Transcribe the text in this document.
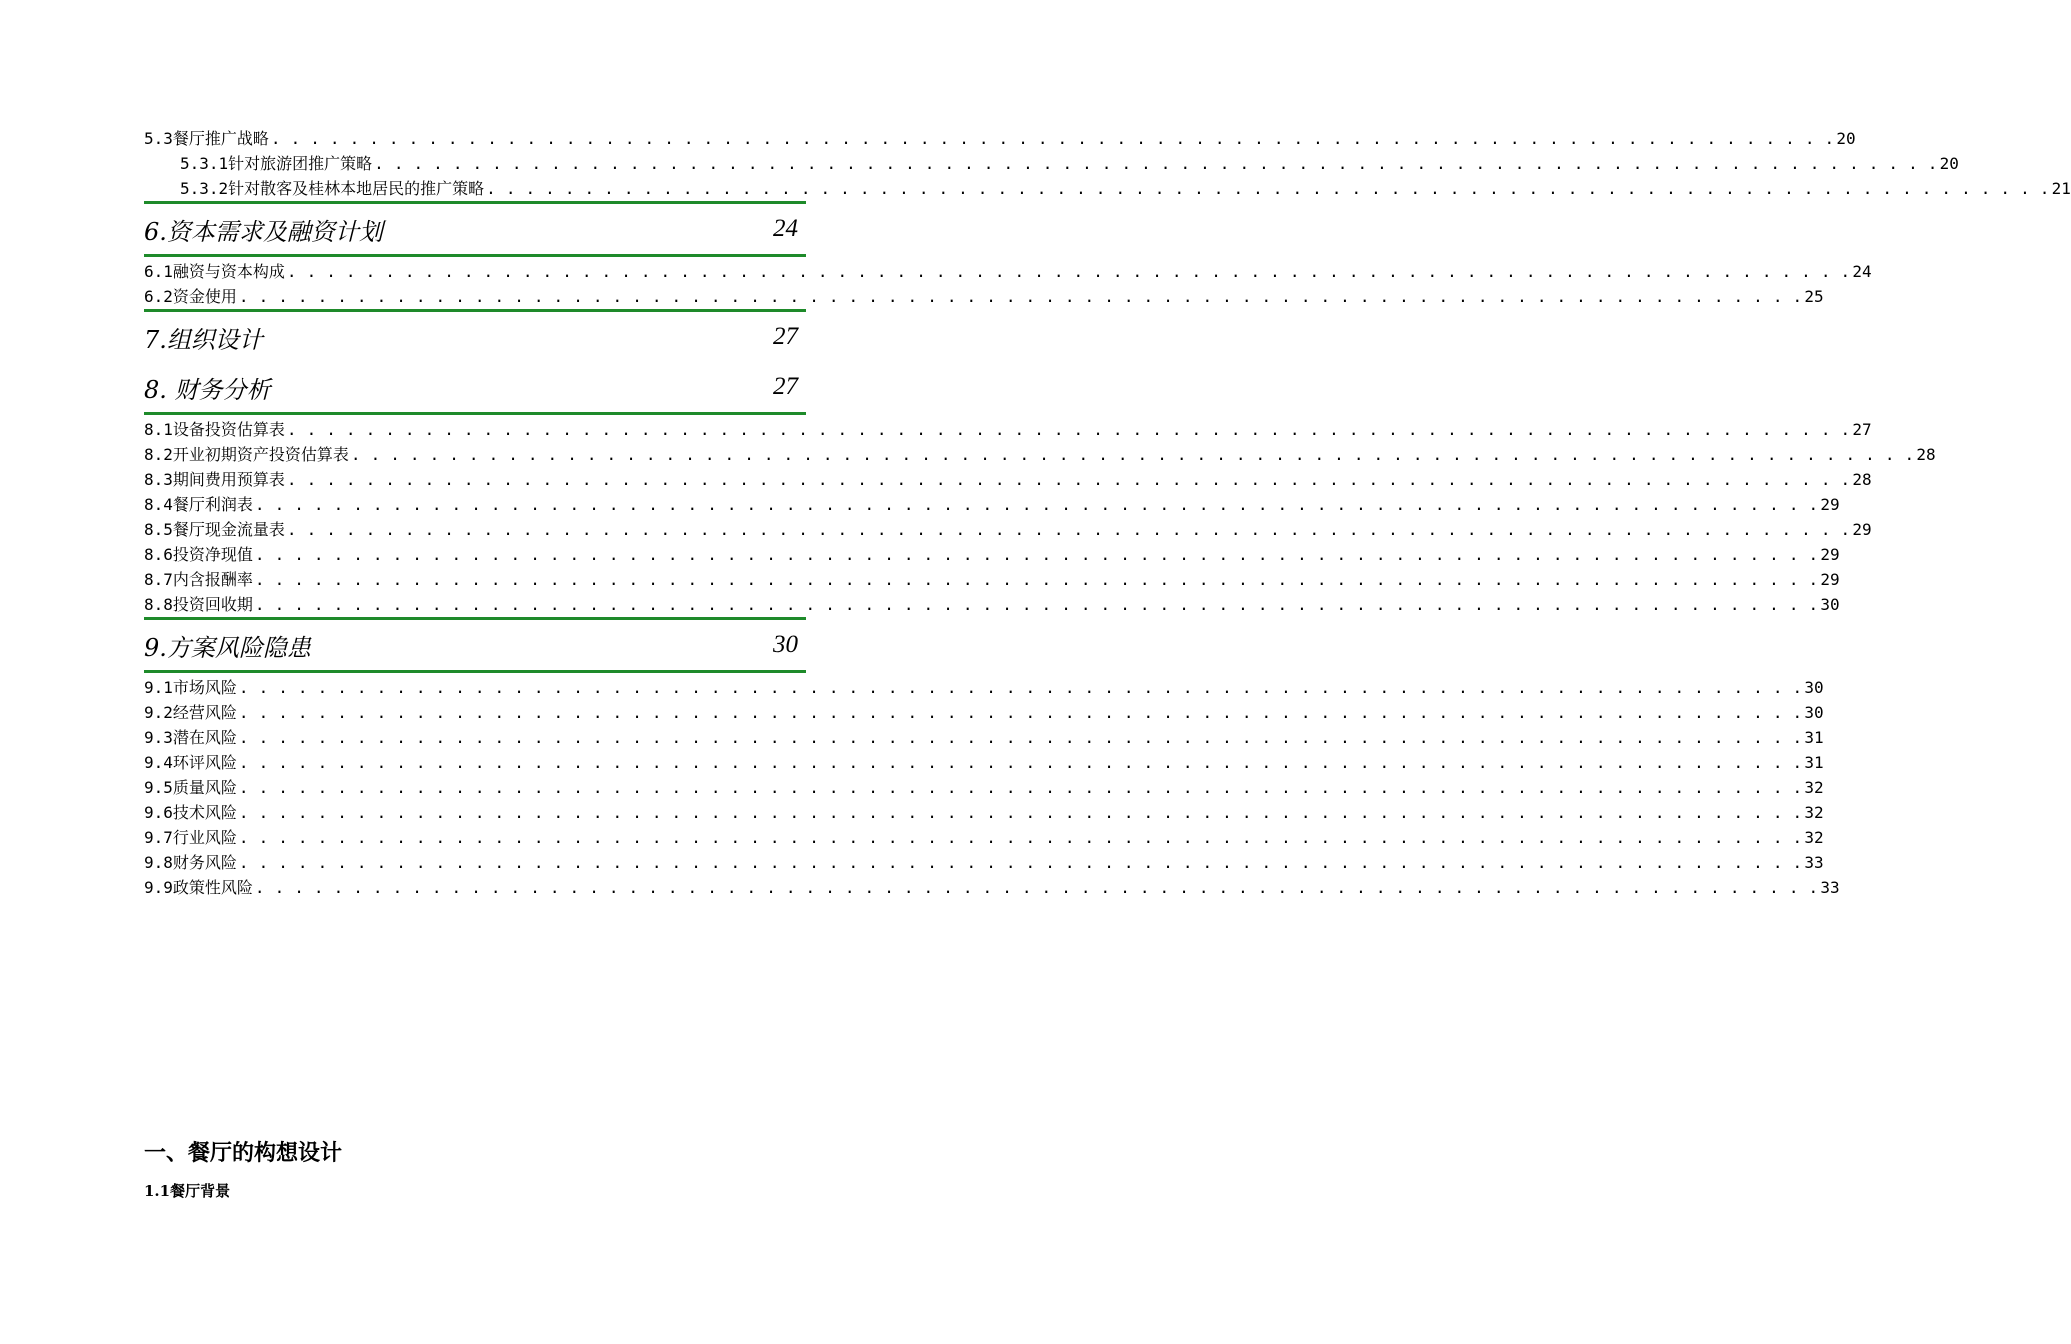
5.3餐厅推广战略 . . . . . . . . . . . . . . . . . . . . . . . . . . . . . . . . . . . . . . . . . . . . . . . . . . . . . . . . . . . . . . . . . . . . . . . . . . . . . . . . 20
5.3.1针对旅游团推广策略 . . . . . . . . . . . . . . . . . . . . . . . . . . . . . . . . . . . . . . . . . . . . . . . . . . . . . . . . . . . . . . . . . . . . . . . . . . . . . . . . 20
5.3.2针对散客及桂林本地居民的推广策略 . . . . . . . . . . . . . . . . . . . . . . . . . . . . . . . . . . . . . . . . . . . . . . . . . . . . . . . . . . . . . . . . . . . . . . . . . . . . . . . . 21
6.资本需求及融资计划	24
6.1融资与资本构成 . . . . . . . . . . . . . . . . . . . . . . . . . . . . . . . . . . . . . . . . . . . . . . . . . . . . . . . . . . . . . . . . . . . . . . . . . . . . . . . . 24
6.2资金使用 . . . . . . . . . . . . . . . . . . . . . . . . . . . . . . . . . . . . . . . . . . . . . . . . . . . . . . . . . . . . . . . . . . . . . . . . . . . . . . . . 25
7.组织设计	27
8. 财务分析	27
8.1设备投资估算表 . . . . . . . . . . . . . . . . . . . . . . . . . . . . . . . . . . . . . . . . . . . . . . . . . . . . . . . . . . . . . . . . . . . . . . . . . . . . . . . . 27
8.2开业初期资产投资估算表 . . . . . . . . . . . . . . . . . . . . . . . . . . . . . . . . . . . . . . . . . . . . . . . . . . . . . . . . . . . . . . . . . . . . . . . . . . . . . . . . 28
8.3期间费用预算表 . . . . . . . . . . . . . . . . . . . . . . . . . . . . . . . . . . . . . . . . . . . . . . . . . . . . . . . . . . . . . . . . . . . . . . . . . . . . . . . . 28
8.4餐厅利润表 . . . . . . . . . . . . . . . . . . . . . . . . . . . . . . . . . . . . . . . . . . . . . . . . . . . . . . . . . . . . . . . . . . . . . . . . . . . . . . . . 29
8.5餐厅现金流量表 . . . . . . . . . . . . . . . . . . . . . . . . . . . . . . . . . . . . . . . . . . . . . . . . . . . . . . . . . . . . . . . . . . . . . . . . . . . . . . . . 29
8.6投资净现值 . . . . . . . . . . . . . . . . . . . . . . . . . . . . . . . . . . . . . . . . . . . . . . . . . . . . . . . . . . . . . . . . . . . . . . . . . . . . . . . . 29
8.7内含报酬率 . . . . . . . . . . . . . . . . . . . . . . . . . . . . . . . . . . . . . . . . . . . . . . . . . . . . . . . . . . . . . . . . . . . . . . . . . . . . . . . . 29
8.8投资回收期 . . . . . . . . . . . . . . . . . . . . . . . . . . . . . . . . . . . . . . . . . . . . . . . . . . . . . . . . . . . . . . . . . . . . . . . . . . . . . . . . 30
9.方案风险隐患	30
9.1市场风险 . . . . . . . . . . . . . . . . . . . . . . . . . . . . . . . . . . . . . . . . . . . . . . . . . . . . . . . . . . . . . . . . . . . . . . . . . . . . . . . . 30
9.2经营风险 . . . . . . . . . . . . . . . . . . . . . . . . . . . . . . . . . . . . . . . . . . . . . . . . . . . . . . . . . . . . . . . . . . . . . . . . . . . . . . . . 30
9.3潜在风险 . . . . . . . . . . . . . . . . . . . . . . . . . . . . . . . . . . . . . . . . . . . . . . . . . . . . . . . . . . . . . . . . . . . . . . . . . . . . . . . . 31
9.4环评风险 . . . . . . . . . . . . . . . . . . . . . . . . . . . . . . . . . . . . . . . . . . . . . . . . . . . . . . . . . . . . . . . . . . . . . . . . . . . . . . . . 31
9.5质量风险 . . . . . . . . . . . . . . . . . . . . . . . . . . . . . . . . . . . . . . . . . . . . . . . . . . . . . . . . . . . . . . . . . . . . . . . . . . . . . . . . 32
9.6技术风险 . . . . . . . . . . . . . . . . . . . . . . . . . . . . . . . . . . . . . . . . . . . . . . . . . . . . . . . . . . . . . . . . . . . . . . . . . . . . . . . . 32
9.7行业风险 . . . . . . . . . . . . . . . . . . . . . . . . . . . . . . . . . . . . . . . . . . . . . . . . . . . . . . . . . . . . . . . . . . . . . . . . . . . . . . . . 32
9.8财务风险 . . . . . . . . . . . . . . . . . . . . . . . . . . . . . . . . . . . . . . . . . . . . . . . . . . . . . . . . . . . . . . . . . . . . . . . . . . . . . . . . 33
9.9政策性风险 . . . . . . . . . . . . . . . . . . . . . . . . . . . . . . . . . . . . . . . . . . . . . . . . . . . . . . . . . . . . . . . . . . . . . . . . . . . . . . . . 33
一、餐厅的构想设计
1.1餐厅背景
